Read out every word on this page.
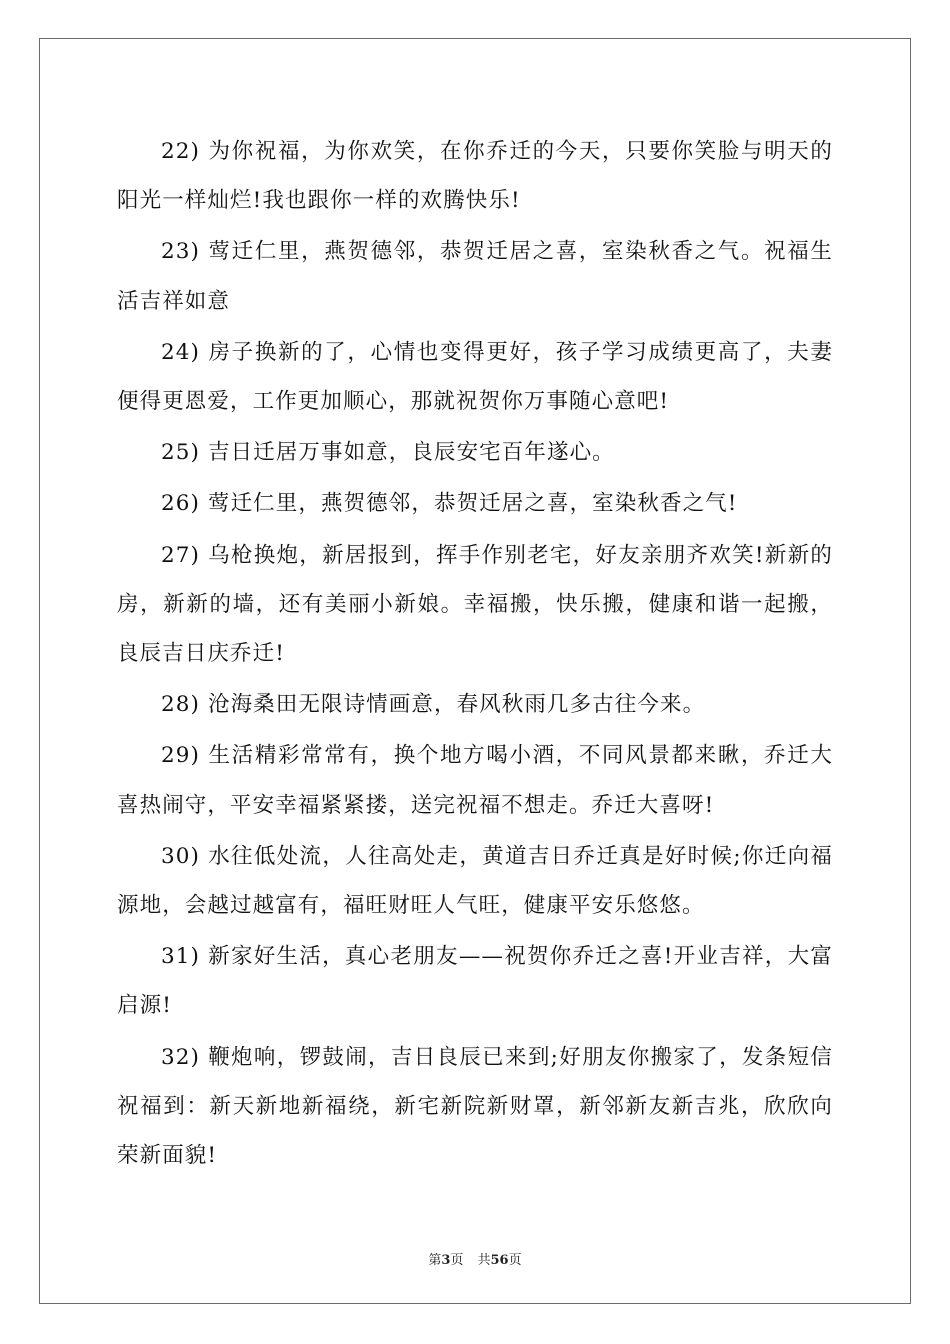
22) 为你祝福，为你欢笑，在你乔迁的今天，只要你笑脸与明天的阳光一样灿烂!我也跟你一样的欢腾快乐!

23) 莺迁仁里，燕贺德邻，恭贺迁居之喜，室染秋香之气。祝福生活吉祥如意

24) 房子换新的了，心情也变得更好，孩子学习成绩更高了，夫妻便得更恩爱，工作更加顺心，那就祝贺你万事随心意吧!

25) 吉日迁居万事如意，良辰安宅百年遂心。

26) 莺迁仁里，燕贺德邻，恭贺迁居之喜，室染秋香之气!

27) 乌枪换炮，新居报到，挥手作别老宅，好友亲朋齐欢笑!新新的房，新新的墙，还有美丽小新娘。幸福搬，快乐搬，健康和谐一起搬，良辰吉日庆乔迁!

28) 沧海桑田无限诗情画意，春风秋雨几多古往今来。

29) 生活精彩常常有，换个地方喝小酒，不同风景都来瞅，乔迁大喜热闹守，平安幸福紧紧搂，送完祝福不想走。乔迁大喜呀!

30) 水往低处流，人往高处走，黄道吉日乔迁真是好时候;你迁向福源地，会越过越富有，福旺财旺人气旺，健康平安乐悠悠。

31) 新家好生活，真心老朋友——祝贺你乔迁之喜!开业吉祥，大富启源!

32) 鞭炮响，锣鼓闹，吉日良辰已来到;好朋友你搬家了，发条短信祝福到：新天新地新福绕，新宅新院新财罩，新邻新友新吉兆，欣欣向荣新面貌!

第3页 共56页
